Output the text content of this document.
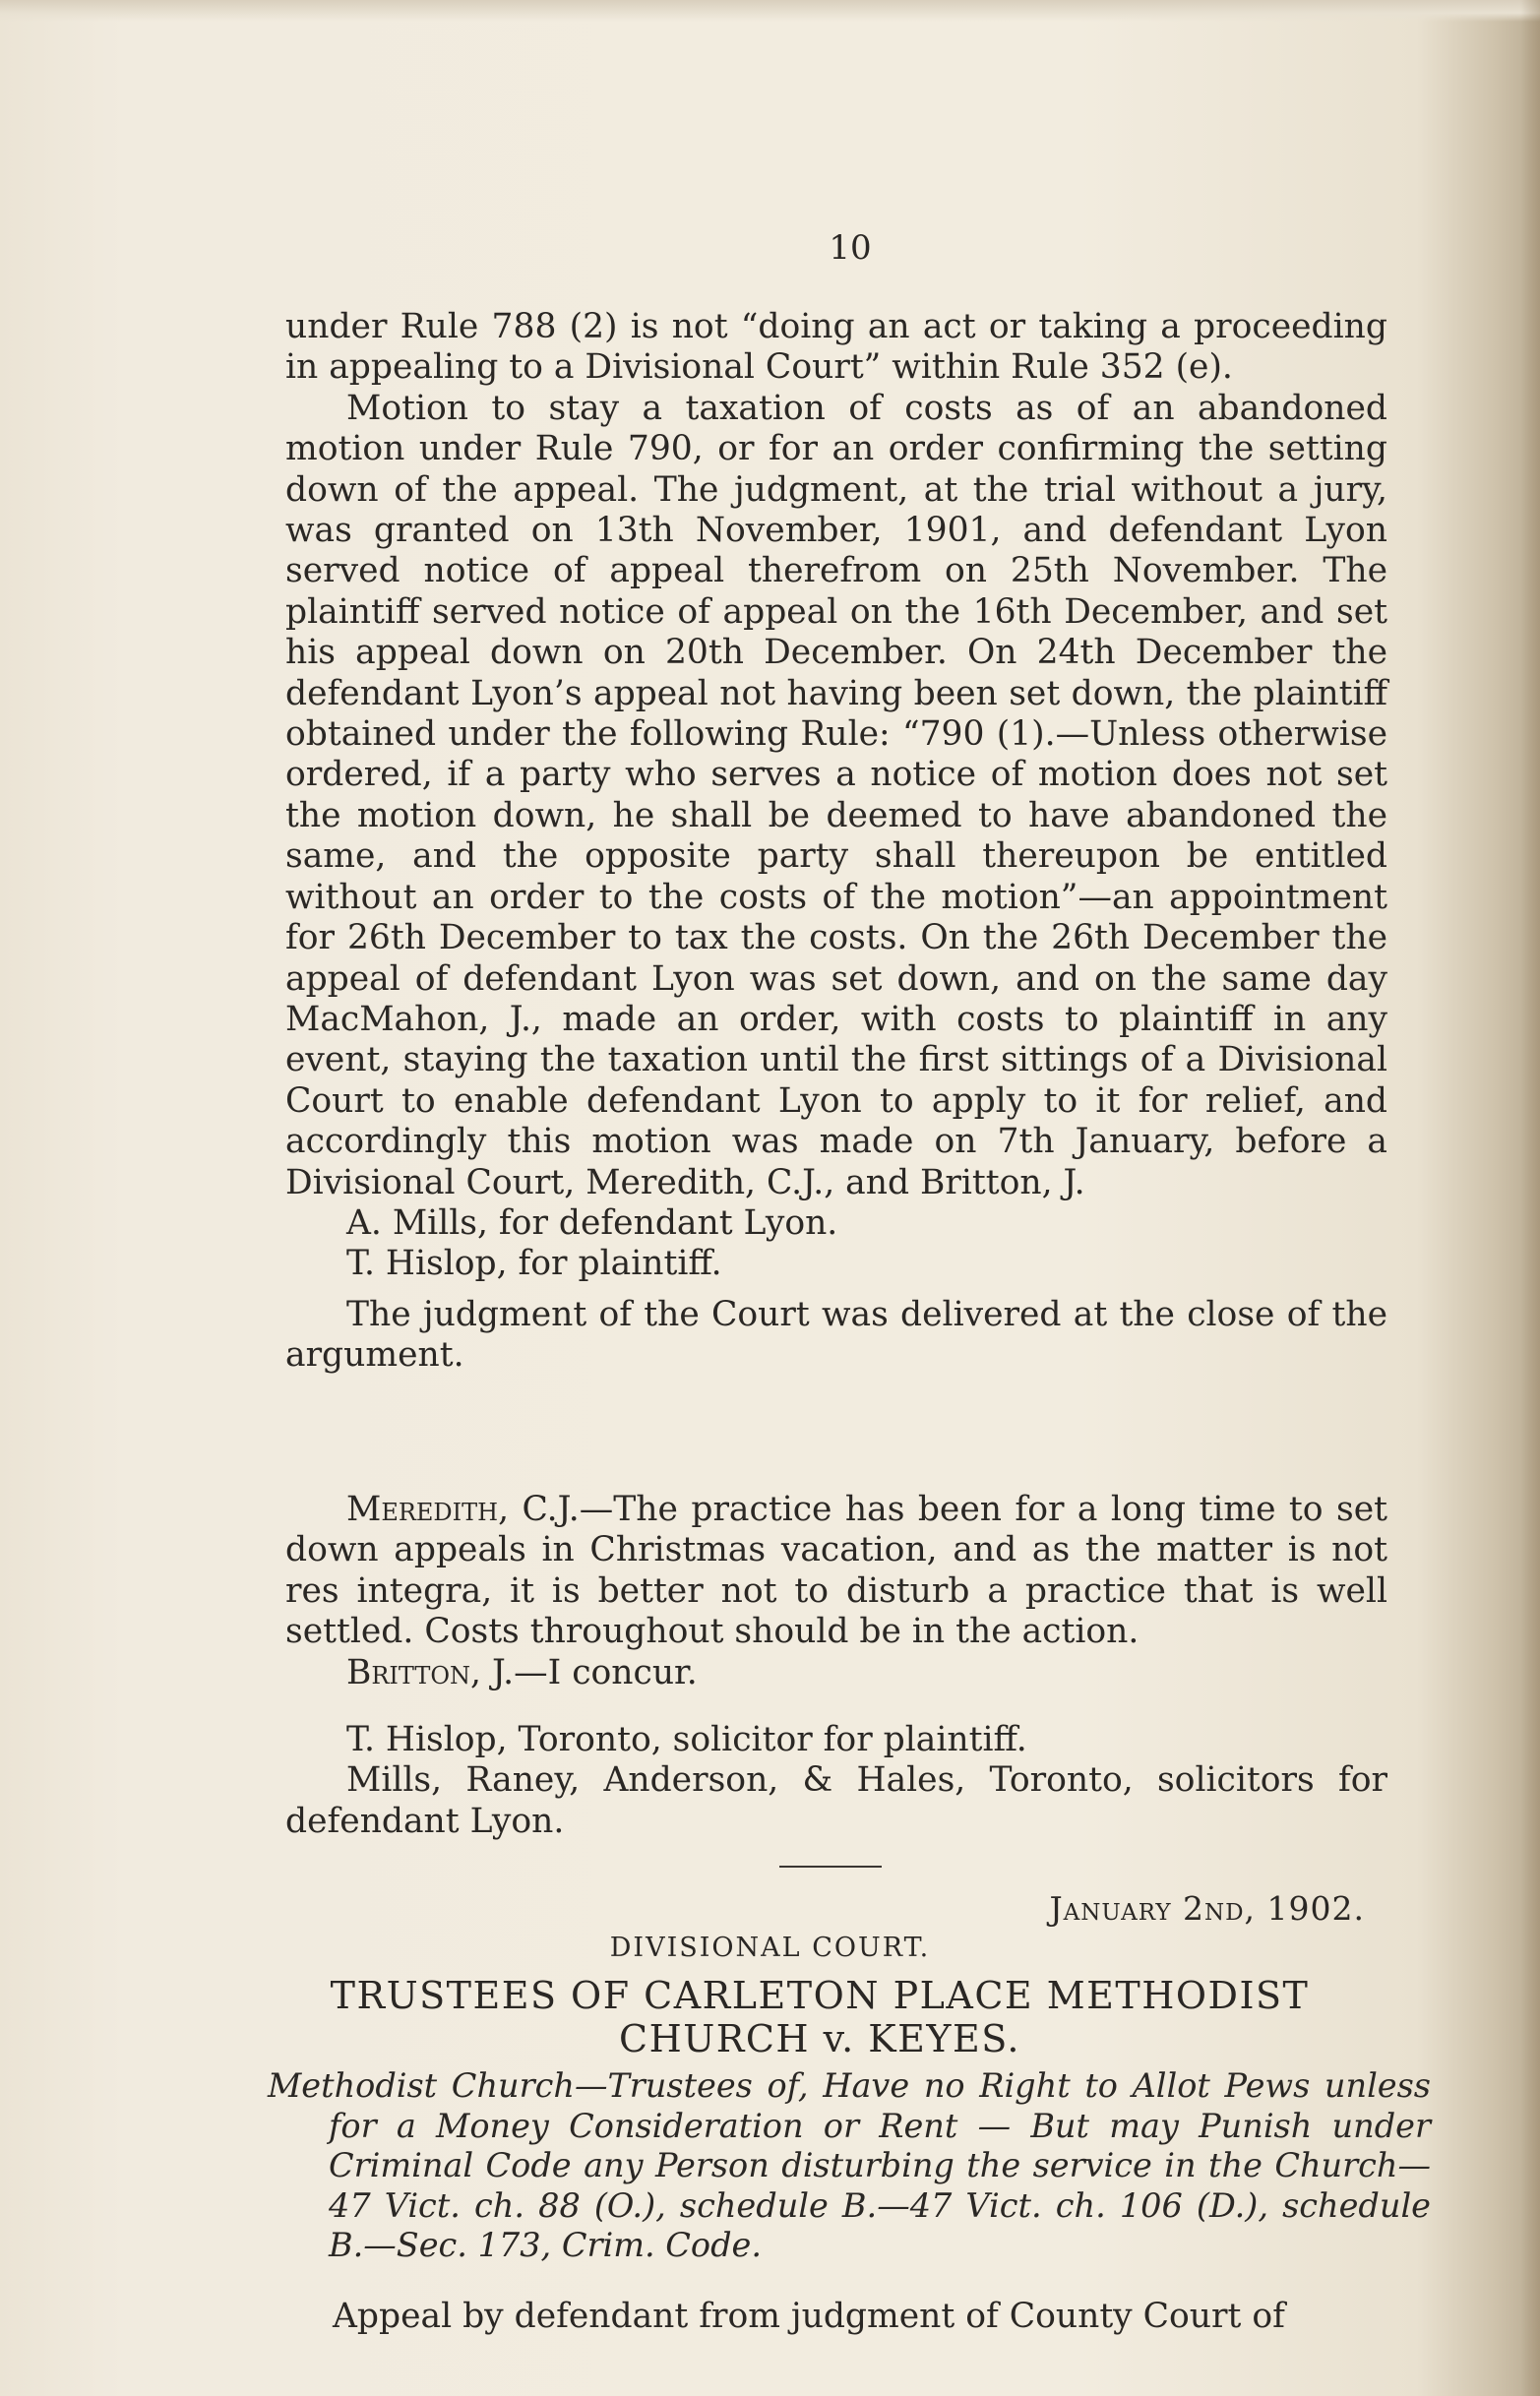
10

under Rule 788 (2) is not “doing an act or taking a proceeding in appealing to a Divisional Court” within Rule 352 (e).

Motion to stay a taxation of costs as of an abandoned motion under Rule 790, or for an order confirming the setting down of the appeal. The judgment, at the trial without a jury, was granted on 13th November, 1901, and defendant Lyon served notice of appeal therefrom on 25th November. The plaintiff served notice of appeal on the 16th December, and set his appeal down on 20th December. On 24th December the defendant Lyon’s appeal not having been set down, the plaintiff obtained under the following Rule: “790 (1).—Unless otherwise ordered, if a party who serves a notice of motion does not set the motion down, he shall be deemed to have abandoned the same, and the opposite party shall thereupon be entitled without an order to the costs of the motion”—an appointment for 26th December to tax the costs. On the 26th December the appeal of defendant Lyon was set down, and on the same day MacMahon, J., made an order, with costs to plaintiff in any event, staying the taxation until the first sittings of a Divisional Court to enable defendant Lyon to apply to it for relief, and accordingly this motion was made on 7th January, before a Divisional Court, Meredith, C.J., and Britton, J.

A. Mills, for defendant Lyon.

T. Hislop, for plaintiff.

The judgment of the Court was delivered at the close of the argument.

Meredith, C.J.—The practice has been for a long time to set down appeals in Christmas vacation, and as the matter is not res integra, it is better not to disturb a practice that is well settled. Costs throughout should be in the action.

Britton, J.—I concur.

T. Hislop, Toronto, solicitor for plaintiff.

Mills, Raney, Anderson, & Hales, Toronto, solicitors for defendant Lyon.

January 2nd, 1902.
DIVISIONAL COURT.
TRUSTEES OF CARLETON PLACE METHODIST CHURCH v. KEYES.
Methodist Church—Trustees of, Have no Right to Allot Pews unless for a Money Consideration or Rent — But may Punish under Criminal Code any Person disturbing the service in the Church—47 Vict. ch. 88 (O.), schedule B.—47 Vict. ch. 106 (D.), schedule B.—Sec. 173, Crim. Code.
Appeal by defendant from judgment of County Court of
